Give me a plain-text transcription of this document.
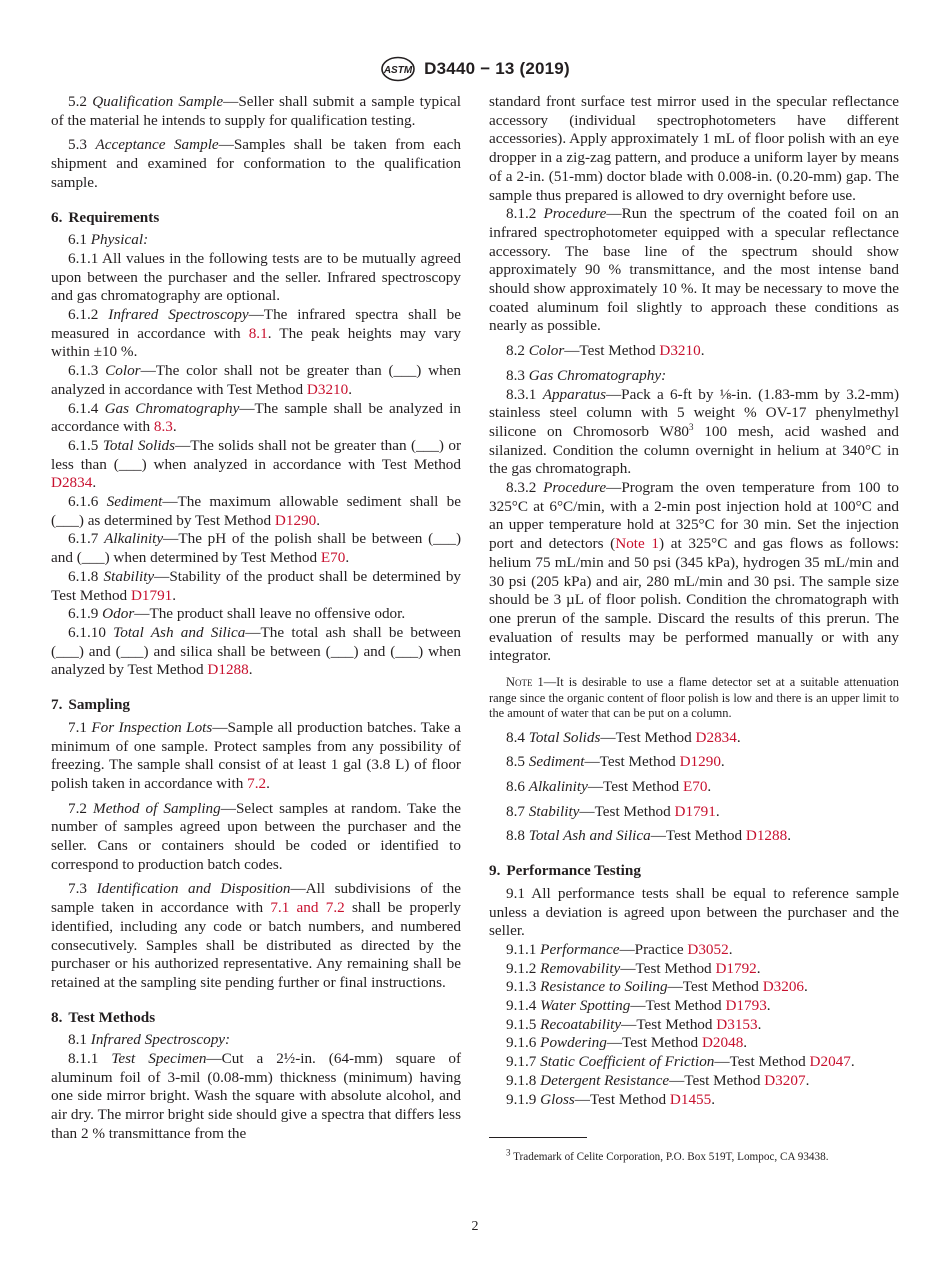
ASTM D3440 − 13 (2019)

5.2 Qualification Sample—Seller shall submit a sample typical of the material he intends to supply for qualification testing.

5.3 Acceptance Sample—Samples shall be taken from each shipment and examined for conformation to the qualification sample.

6. Requirements

6.1 Physical:

6.1.1 All values in the following tests are to be mutually agreed upon between the purchaser and the seller. Infrared spectroscopy and gas chromatography are optional.

6.1.2 Infrared Spectroscopy—The infrared spectra shall be measured in accordance with 8.1. The peak heights may vary within ±10 %.

6.1.3 Color—The color shall not be greater than (___) when analyzed in accordance with Test Method D3210.

6.1.4 Gas Chromatography—The sample shall be analyzed in accordance with 8.3.

6.1.5 Total Solids—The solids shall not be greater than (___) or less than (___) when analyzed in accordance with Test Method D2834.

6.1.6 Sediment—The maximum allowable sediment shall be (___) as determined by Test Method D1290.

6.1.7 Alkalinity—The pH of the polish shall be between (___) and (___) when determined by Test Method E70.

6.1.8 Stability—Stability of the product shall be determined by Test Method D1791.

6.1.9 Odor—The product shall leave no offensive odor.

6.1.10 Total Ash and Silica—The total ash shall be between (___) and (___) and silica shall be between (___) and (___) when analyzed by Test Method D1288.

7. Sampling

7.1 For Inspection Lots—Sample all production batches. Take a minimum of one sample. Protect samples from any possibility of freezing. The sample shall consist of at least 1 gal (3.8 L) of floor polish taken in accordance with 7.2.

7.2 Method of Sampling—Select samples at random. Take the number of samples agreed upon between the purchaser and the seller. Cans or containers should be coded or identified to correspond to production batch codes.

7.3 Identification and Disposition—All subdivisions of the sample taken in accordance with 7.1 and 7.2 shall be properly identified, including any code or batch numbers, and numbered consecutively. Samples shall be distributed as directed by the purchaser or his authorized representative. Any remaining shall be retained at the sampling site pending further or final instructions.

8. Test Methods

8.1 Infrared Spectroscopy:

8.1.1 Test Specimen—Cut a 2½-in. (64-mm) square of aluminum foil of 3-mil (0.08-mm) thickness (minimum) having one side mirror bright. Wash the square with absolute alcohol, and air dry. The mirror bright side should give a spectra that differs less than 2 % transmittance from the

standard front surface test mirror used in the specular reflectance accessory (individual spectrophotometers have different accessories). Apply approximately 1 mL of floor polish with an eye dropper in a zig-zag pattern, and produce a uniform layer by means of a 2-in. (51-mm) doctor blade with 0.008-in. (0.20-mm) gap. The sample thus prepared is allowed to dry overnight before use.

8.1.2 Procedure—Run the spectrum of the coated foil on an infrared spectrophotometer equipped with a specular reflectance accessory. The base line of the spectrum should show approximately 90 % transmittance, and the most intense band should show approximately 10 %. It may be necessary to move the coated aluminum foil slightly to approach these conditions as nearly as possible.

8.2 Color—Test Method D3210.

8.3 Gas Chromatography:

8.3.1 Apparatus—Pack a 6-ft by ⅛-in. (1.83-mm by 3.2-mm) stainless steel column with 5 weight % OV-17 phenylmethyl silicone on Chromosorb $W80^3$ 100 mesh, acid washed and silanized. Condition the column overnight in helium at 340°C in the gas chromatograph.

8.3.2 Procedure—Program the oven temperature from 100 to 325°C at 6°C/min, with a 2-min post injection hold at 100°C and an upper temperature hold at 325°C for 30 min. Set the injection port and detectors (Note 1) at 325°C and gas flows as follows: helium 75 mL/min and 50 psi (345 kPa), hydrogen 35 mL/min and 30 psi (205 kPa) and air, 280 mL/min and 30 psi. The sample size should be 3 µL of floor polish. Condition the chromatograph with one prerun of the sample. Discard the results of this prerun. The evaluation of results may be performed manually or with any integrator.

Note 1—It is desirable to use a flame detector set at a suitable attenuation range since the organic content of floor polish is low and there is an upper limit to the amount of water that can be put on a column.

8.4 Total Solids—Test Method D2834.

8.5 Sediment—Test Method D1290.

8.6 Alkalinity—Test Method E70.

8.7 Stability—Test Method D1791.

8.8 Total Ash and Silica—Test Method D1288.

9. Performance Testing

9.1 All performance tests shall be equal to reference sample unless a deviation is agreed upon between the purchaser and the seller.

9.1.1 Performance—Practice D3052.

9.1.2 Removability—Test Method D1792.

9.1.3 Resistance to Soiling—Test Method D3206.

9.1.4 Water Spotting—Test Method D1793.

9.1.5 Recoatability—Test Method D3153.

9.1.6 Powdering—Test Method D2048.

9.1.7 Static Coefficient of Friction—Test Method D2047.

9.1.8 Detergent Resistance—Test Method D3207.

9.1.9 Gloss—Test Method D1455.

$^3$ Trademark of Celite Corporation, P.O. Box 519T, Lompoc, CA 93438.
2
